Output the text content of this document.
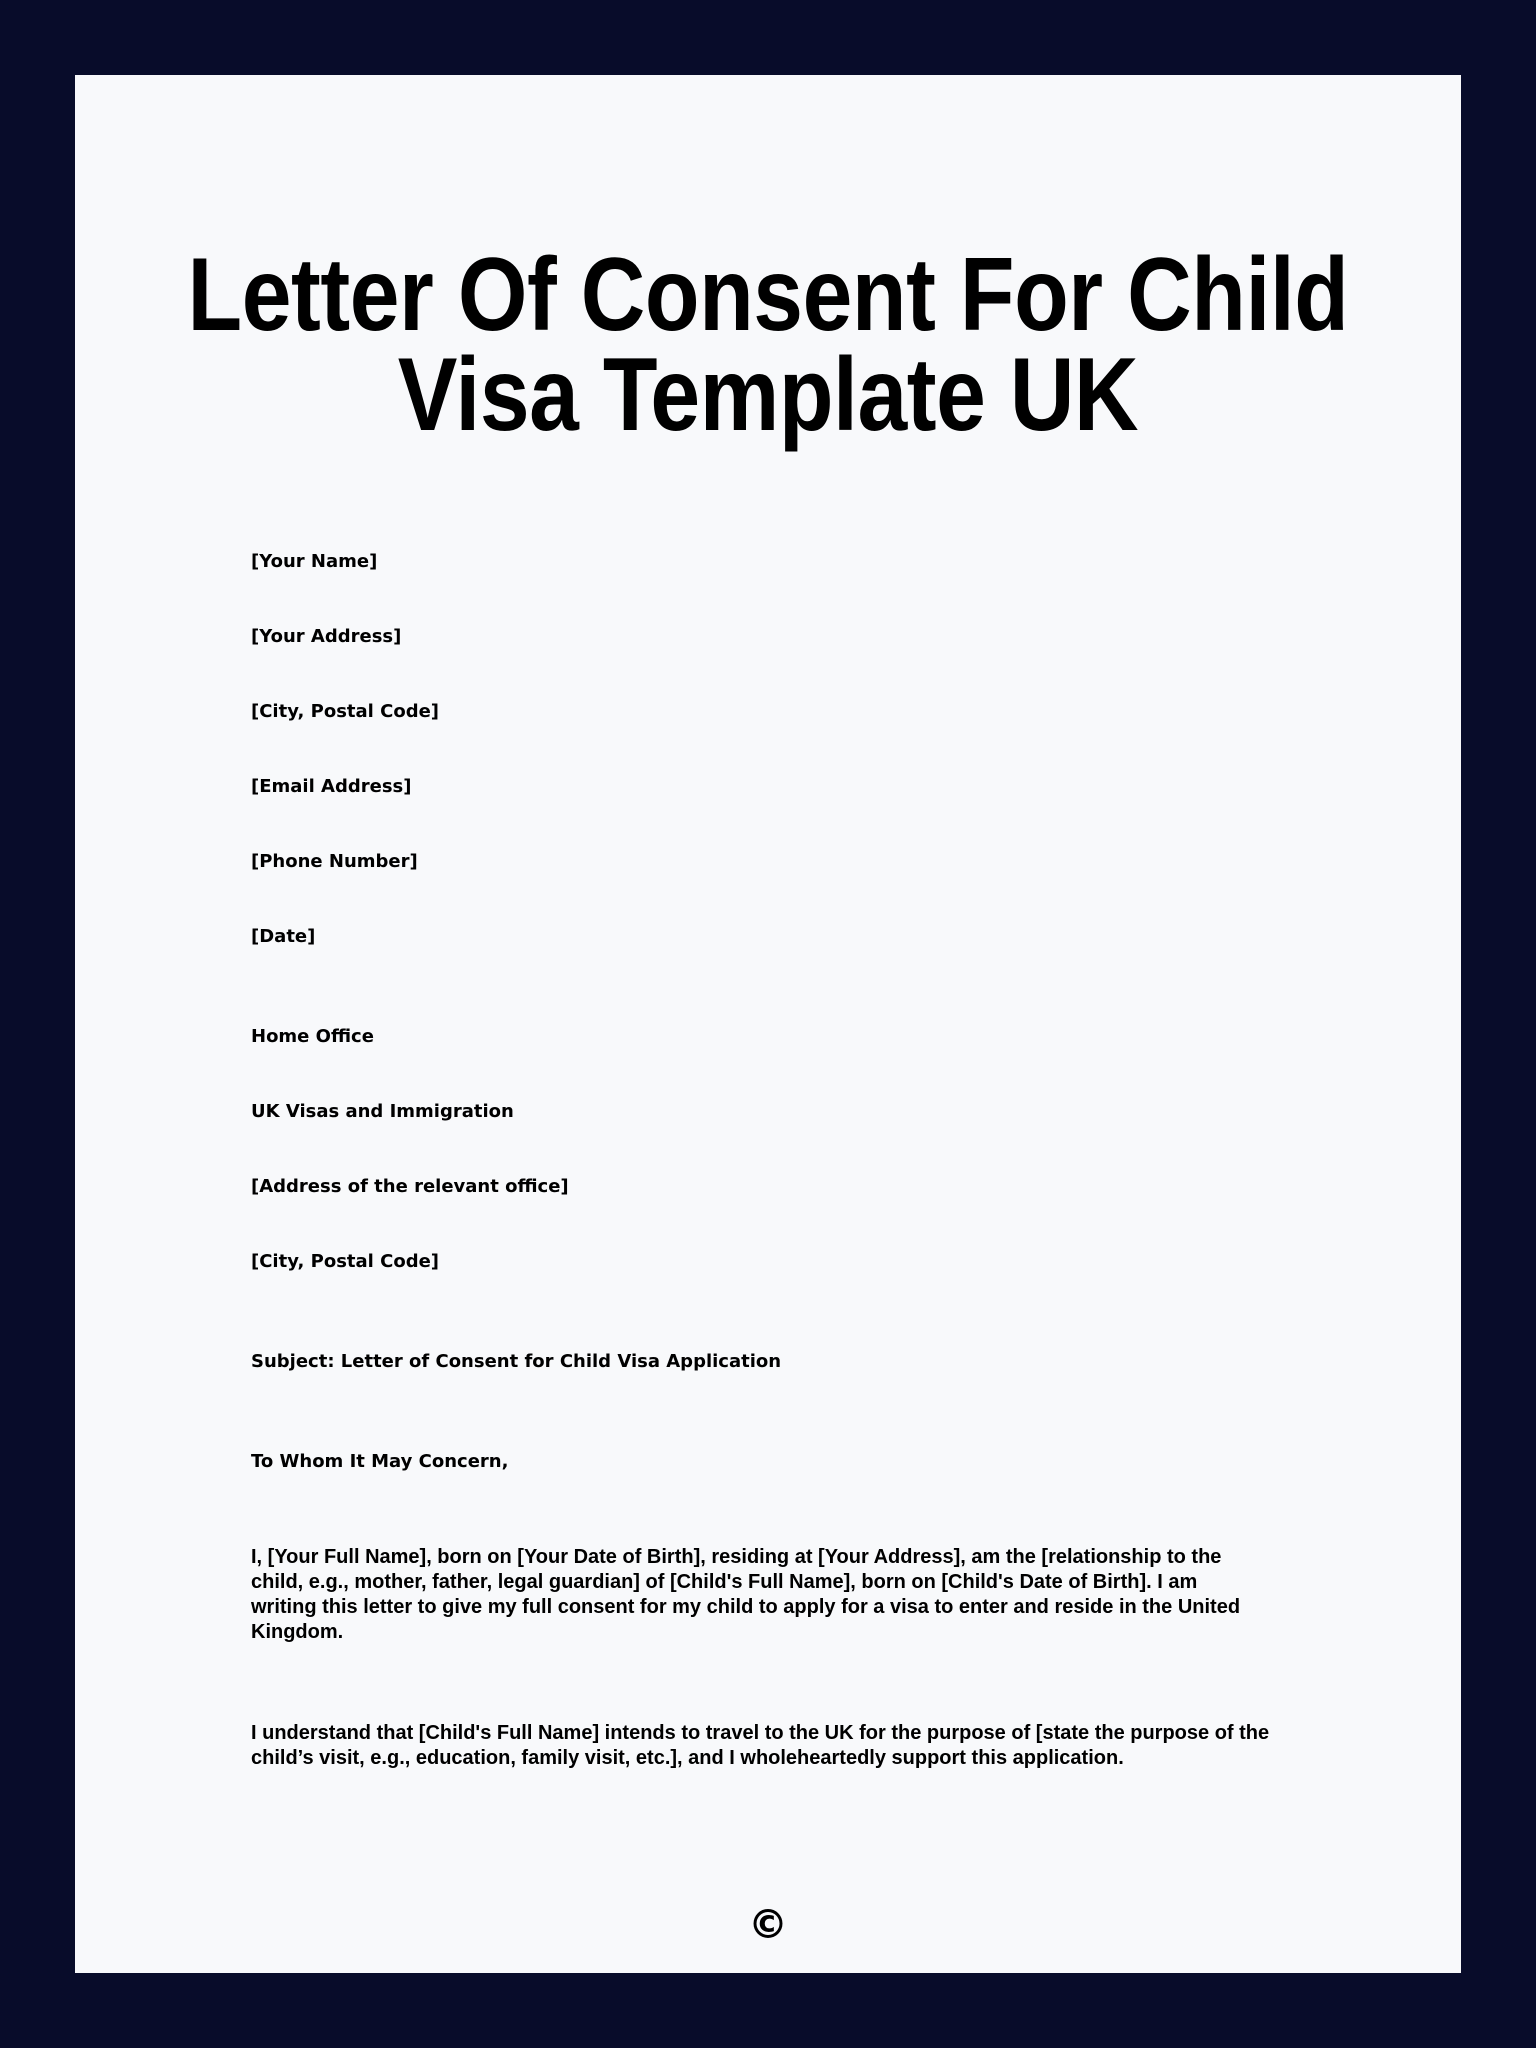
Letter Of Consent For Child
Visa Template UK

[Your Name]

[Your Address]

[City, Postal Code]

[Email Address]

[Phone Number]

[Date]

Home Office

UK Visas and Immigration

[Address of the relevant office]

[City, Postal Code]

Subject: Letter of Consent for Child Visa Application

To Whom It May Concern,

I, [Your Full Name], born on [Your Date of Birth], residing at [Your Address], am the [relationship to the
child, e.g., mother, father, legal guardian] of [Child's Full Name], born on [Child's Date of Birth]. I am
writing this letter to give my full consent for my child to apply for a visa to enter and reside in the United
Kingdom.

I understand that [Child's Full Name] intends to travel to the UK for the purpose of [state the purpose of the
child’s visit, e.g., education, family visit, etc.], and I wholeheartedly support this application.

©
